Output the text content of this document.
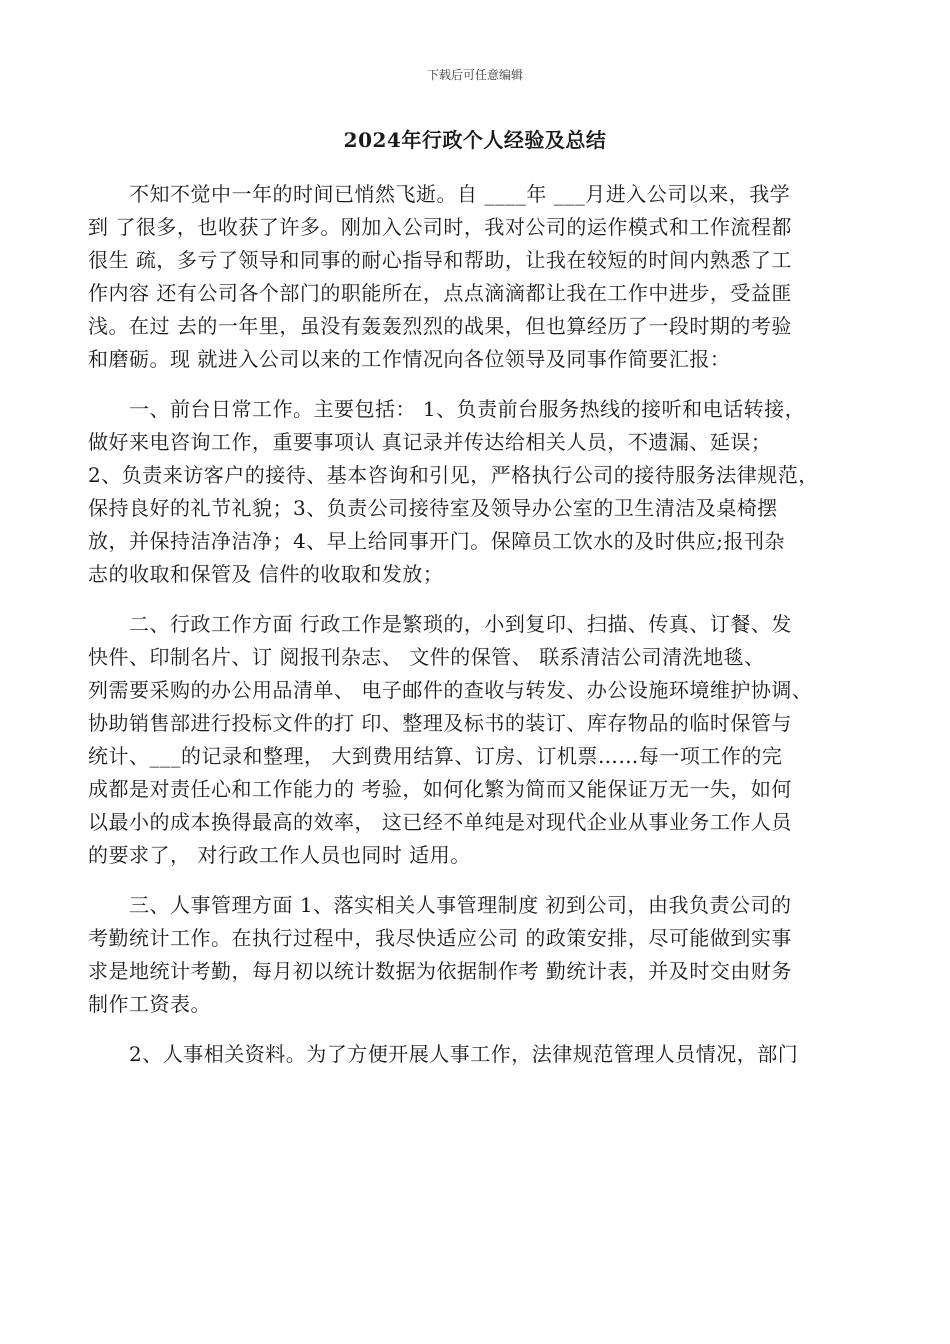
下载后可任意编辑
2024年行政个人经验及总结
　　不知不觉中一年的时间已悄然飞逝。自 ____年 ___月进入公司以来，我学
到 了很多，也收获了许多。刚加入公司时，我对公司的运作模式和工作流程都
很生 疏，多亏了领导和同事的耐心指导和帮助，让我在较短的时间内熟悉了工
作内容 还有公司各个部门的职能所在，点点滴滴都让我在工作中进步，受益匪
浅。在过 去的一年里，虽没有轰轰烈烈的战果，但也算经历了一段时期的考验
和磨砺。现 就进入公司以来的工作情况向各位领导及同事作简要汇报：
　　一、前台日常工作。主要包括： 1、负责前台服务热线的接听和电话转接，
做好来电咨询工作，重要事项认 真记录并传达给相关人员，不遗漏、延误；
2、负责来访客户的接待、基本咨询和引见，严格执行公司的接待服务法律规范，
保持良好的礼节礼貌；3、负责公司接待室及领导办公室的卫生清洁及桌椅摆
放，并保持洁净洁净；4、早上给同事开门。保障员工饮水的及时供应;报刊杂
志的收取和保管及 信件的收取和发放；
　　二、行政工作方面 行政工作是繁琐的，小到复印、扫描、传真、订餐、发
快件、印制名片、订 阅报刊杂志、 文件的保管、 联系清洁公司清洗地毯、
列需要采购的办公用品清单、 电子邮件的查收与转发、办公设施环境维护协调、
协助销售部进行投标文件的打 印、整理及标书的装订、库存物品的临时保管与
统计、___的记录和整理， 大到费用结算、订房、订机票……每一项工作的完
成都是对责任心和工作能力的 考验，如何化繁为简而又能保证万无一失，如何
以最小的成本换得最高的效率， 这已经不单纯是对现代企业从事业务工作人员
的要求了， 对行政工作人员也同时 适用。
　　三、人事管理方面 1、落实相关人事管理制度 初到公司，由我负责公司的
考勤统计工作。在执行过程中，我尽快适应公司 的政策安排，尽可能做到实事
求是地统计考勤，每月初以统计数据为依据制作考 勤统计表，并及时交由财务
制作工资表。
　　2、人事相关资料。为了方便开展人事工作，法律规范管理人员情况，部门
